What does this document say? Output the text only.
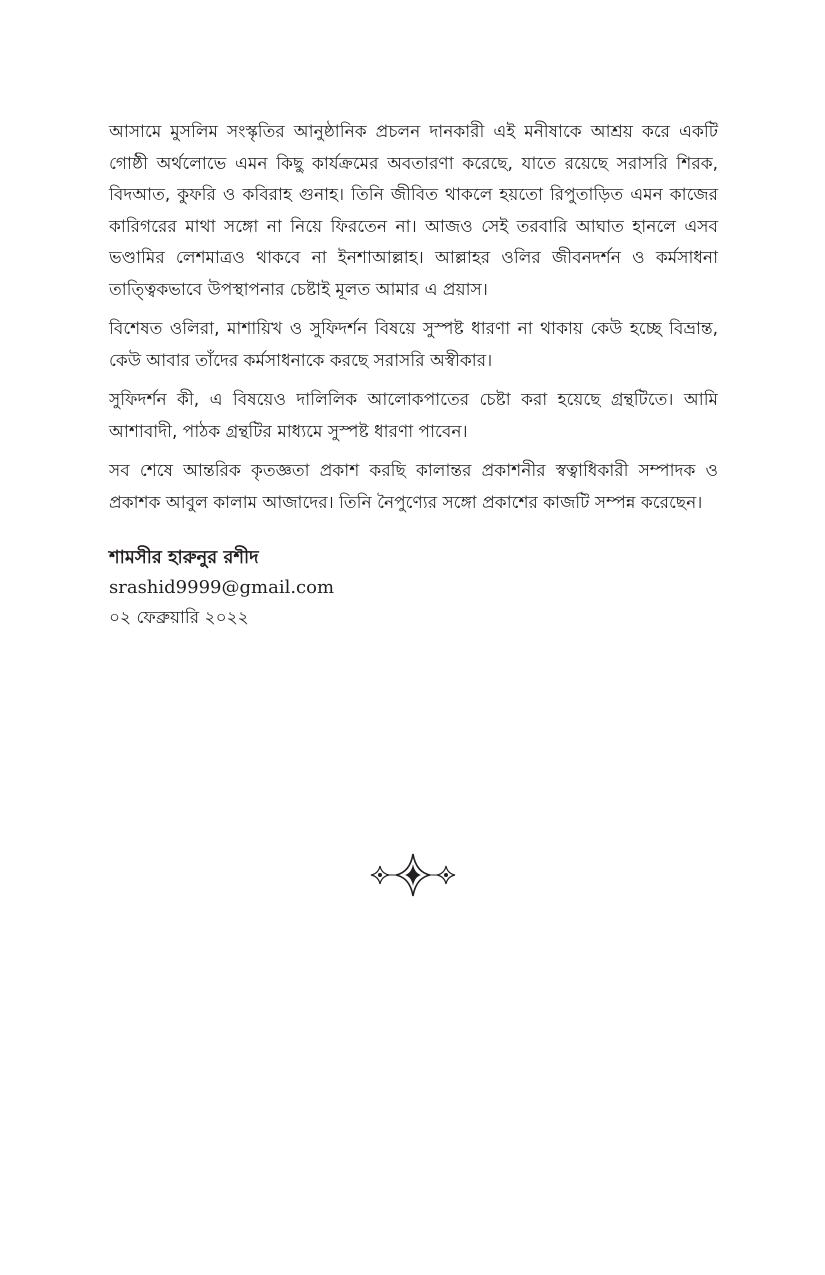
আসামে মুসলিম সংস্কৃতির আনুষ্ঠানিক প্রচলন দানকারী এই মনীষাকে আশ্রয় করে একটি গোষ্ঠী অর্থলোভে এমন কিছু কার্যক্রমের অবতারণা করেছে, যাতে রয়েছে সরাসরি শিরক, বিদআত, কুফরি ও কবিরাহ গুনাহ। তিনি জীবিত থাকলে হয়তো রিপুতাড়িত এমন কাজের কারিগরের মাথা সঙ্গো না নিয়ে ফিরতেন না। আজও সেই তরবারি আঘাত হানলে এসব ভণ্ডামির লেশমাত্রও থাকবে না ইনশাআল্লাহ। আল্লাহর ওলির জীবনদর্শন ও কর্মসাধনা তাত্ত্বিকভাবে উপস্থাপনার চেষ্টাই মূলত আমার এ প্রয়াস।

বিশেষত ওলিরা, মাশায়িখ ও সুফিদর্শন বিষয়ে সুস্পষ্ট ধারণা না থাকায় কেউ হচ্ছে বিভ্রান্ত, কেউ আবার তাঁদের কর্মসাধনাকে করছে সরাসরি অস্বীকার।

সুফিদর্শন কী, এ বিষয়েও দালিলিক আলোকপাতের চেষ্টা করা হয়েছে গ্রন্থটিতে। আমি আশাবাদী, পাঠক গ্রন্থটির মাধ্যমে সুস্পষ্ট ধারণা পাবেন।

সব শেষে আন্তরিক কৃতজ্ঞতা প্রকাশ করছি কালান্তর প্রকাশনীর স্বত্বাধিকারী সম্পাদক ও প্রকাশক আবুল কালাম আজাদের। তিনি নৈপুণ্যের সঙ্গো প্রকাশের কাজটি সম্পন্ন করেছেন।

শামসীর হারুনুর রশীদ
srashid9999@gmail.com
০২ ফেব্রুয়ারি ২০২২
